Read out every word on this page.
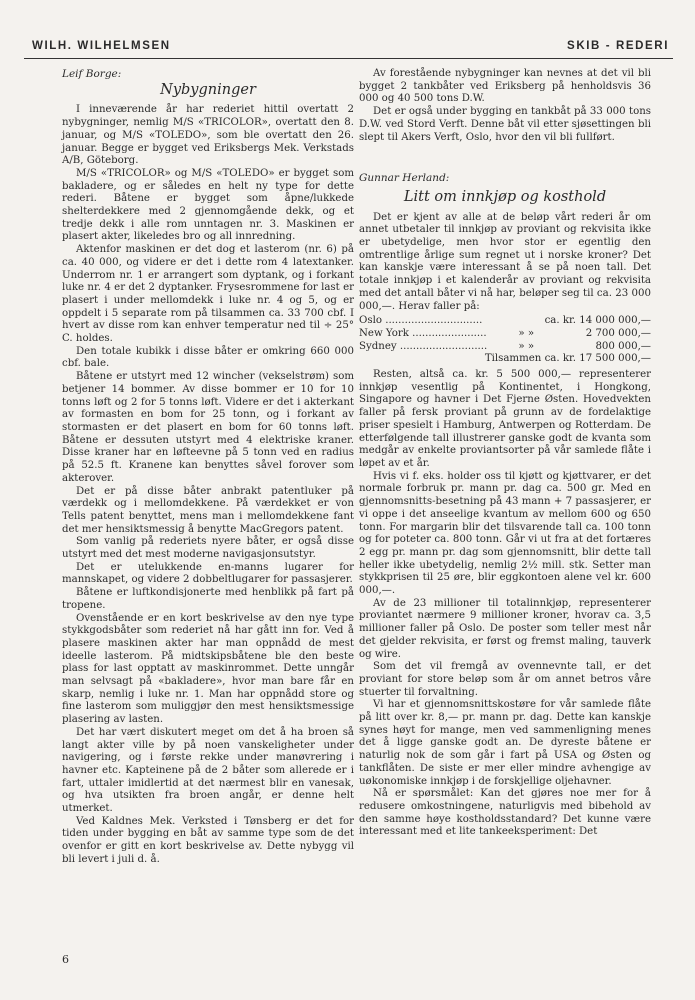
WILH. WILHELMSEN	SKIB - REDERI
Leif Borge:
Nybygninger

I inneværende år har rederiet hittil overtatt 2 nybygninger, nemlig M/S «TRICOLOR», overtatt den 8. januar, og M/S «TOLEDO», som ble overtatt den 26. januar. Begge er bygget ved Eriksbergs Mek. Verkstads A/B, Göteborg.

M/S «TRICOLOR» og M/S «TOLEDO» er bygget som bakladere, og er således en helt ny type for dette rederi. Båtene er bygget som åpne/lukkede shelterdekkere med 2 gjennomgående dekk, og et tredje dekk i alle rom unntagen nr. 3. Maskinen er plasert akter, likeledes bro og all innredning.

Aktenfor maskinen er det dog et lasterom (nr. 6) på ca. 40 000, og videre er det i dette rom 4 latextanker. Underrom nr. 1 er arrangert som dyptank, og i forkant luke nr. 4 er det 2 dyptanker. Frysesrommene for last er plasert i under mellomdekk i luke nr. 4 og 5, og er oppdelt i 5 separate rom på tilsammen ca. 33 700 cbf. I hvert av disse rom kan enhver temperatur ned til ÷ 25° C. holdes.

Den totale kubikk i disse båter er omkring 660 000 cbf. bale.

Båtene er utstyrt med 12 wincher (vekselstrøm) som betjener 14 bommer. Av disse bommer er 10 for 10 tonns løft og 2 for 5 tonns løft. Videre er det i akterkant av formasten en bom for 25 tonn, og i forkant av stormasten er det plasert en bom for 60 tonns løft. Båtene er dessuten utstyrt med 4 elektriske kraner. Disse kraner har en løfteevne på 5 tonn ved en radius på 52.5 ft. Kranene kan benyttes såvel forover som akterover.

Det er på disse båter anbrakt patentluker på værdekk og i mellomdekkene. På værdekket er von Tells patent benyttet, mens man i mellomdekkene fant det mer hensiktsmessig å benytte MacGregors patent.

Som vanlig på rederiets nyere båter, er også disse utstyrt med det mest moderne navigasjonsutstyr.

Det er utelukkende en-manns lugarer for mannskapet, og videre 2 dobbeltlugarer for passasjerer.

Båtene er luftkondisjonerte med henblikk på fart på tropene.

Ovenstående er en kort beskrivelse av den nye type stykkgodsbåter som rederiet nå har gått inn for. Ved å plasere maskinen akter har man oppnådd de mest ideelle lasterom. På midtskipsbåtene ble den beste plass for last opptatt av maskinrommet. Dette unngår man selvsagt på «bakladere», hvor man bare får en skarp, nemlig i luke nr. 1. Man har oppnådd store og fine lasterom som muliggjør den mest hensiktsmessige plasering av lasten.

Det har vært diskutert meget om det å ha broen så langt akter ville by på noen vanskeligheter under navigering, og i første rekke under manøvrering i havner etc. Kapteinene på de 2 båter som allerede er i fart, uttaler imidlertid at det nærmest blir en vanesak, og hva utsikten fra broen angår, er denne helt utmerket.

Ved Kaldnes Mek. Verksted i Tønsberg er det for tiden under bygging en båt av samme type som de det ovenfor er gitt en kort beskrivelse av. Dette nybygg vil bli levert i juli d. å.

Av forestående nybygninger kan nevnes at det vil bli bygget 2 tankbåter ved Eriksberg på henholdsvis 36 000 og 40 500 tons D.W.

Det er også under bygging en tankbåt på 33 000 tons D.W. ved Stord Verft. Denne båt vil etter sjøsettingen bli slept til Akers Verft, Oslo, hvor den vil bli fullført.

Gunnar Herland:
Litt om innkjøp og kosthold

Det er kjent av alle at de beløp vårt rederi år om annet utbetaler til innkjøp av proviant og rekvisita ikke er ubetydelige, men hvor stor er egentlig den omtrentlige årlige sum regnet ut i norske kroner? Det kan kanskje være interessant å se på noen tall. Det totale innkjøp i et kalenderår av proviant og rekvisita med det antall båter vi nå har, beløper seg til ca. 23 000 000,—. Herav faller på:

Oslo ..............................		ca. kr. 14 000 000,—
New York .......................	» »	2 700 000,—
Sydney ...........................	» »	800 000,—
Tilsammen ca. kr. 17 500 000,—		

Resten, altså ca. kr. 5 500 000,— representerer innkjøp vesentlig på Kontinentet, i Hongkong, Singapore og havner i Det Fjerne Østen. Hovedvekten faller på fersk proviant på grunn av de fordelaktige priser spesielt i Hamburg, Antwerpen og Rotterdam. De etterfølgende tall illustrerer ganske godt de kvanta som medgår av enkelte proviantsorter på vår samlede flåte i løpet av et år.

Hvis vi f. eks. holder oss til kjøtt og kjøttvarer, er det normale forbruk pr. mann pr. dag ca. 500 gr. Med en gjennomsnitts-besetning på 43 mann + 7 passasjerer, er vi oppe i det anseelige kvantum av mellom 600 og 650 tonn. For margarin blir det tilsvarende tall ca. 100 tonn og for poteter ca. 800 tonn. Går vi ut fra at det fortæres 2 egg pr. mann pr. dag som gjennomsnitt, blir dette tall heller ikke ubetydelig, nemlig 2½ mill. stk. Setter man stykkprisen til 25 øre, blir eggkontoen alene vel kr. 600 000,—.

Av de 23 millioner til totalinnkjøp, representerer proviantet nærmere 9 millioner kroner, hvorav ca. 3,5 millioner faller på Oslo. De poster som teller mest når det gjelder rekvisita, er først og fremst maling, tauverk og wire.

Som det vil fremgå av ovennevnte tall, er det proviant for store beløp som år om annet betros våre stuerter til forvaltning.

Vi har et gjennomsnittskostøre for vår samlede flåte på litt over kr. 8,— pr. mann pr. dag. Dette kan kanskje synes høyt for mange, men ved sammenligning menes det å ligge ganske godt an. De dyreste båtene er naturlig nok de som går i fart på USA og Østen og tankflåten. De siste er mer eller mindre avhengige av uøkonomiske innkjøp i de forskjellige oljehavner.

Nå er spørsmålet: Kan det gjøres noe mer for å redusere omkostningene, naturligvis med bibehold av den samme høye kostholdsstandard? Det kunne være interessant med et lite tankeeksperiment: Det

6
